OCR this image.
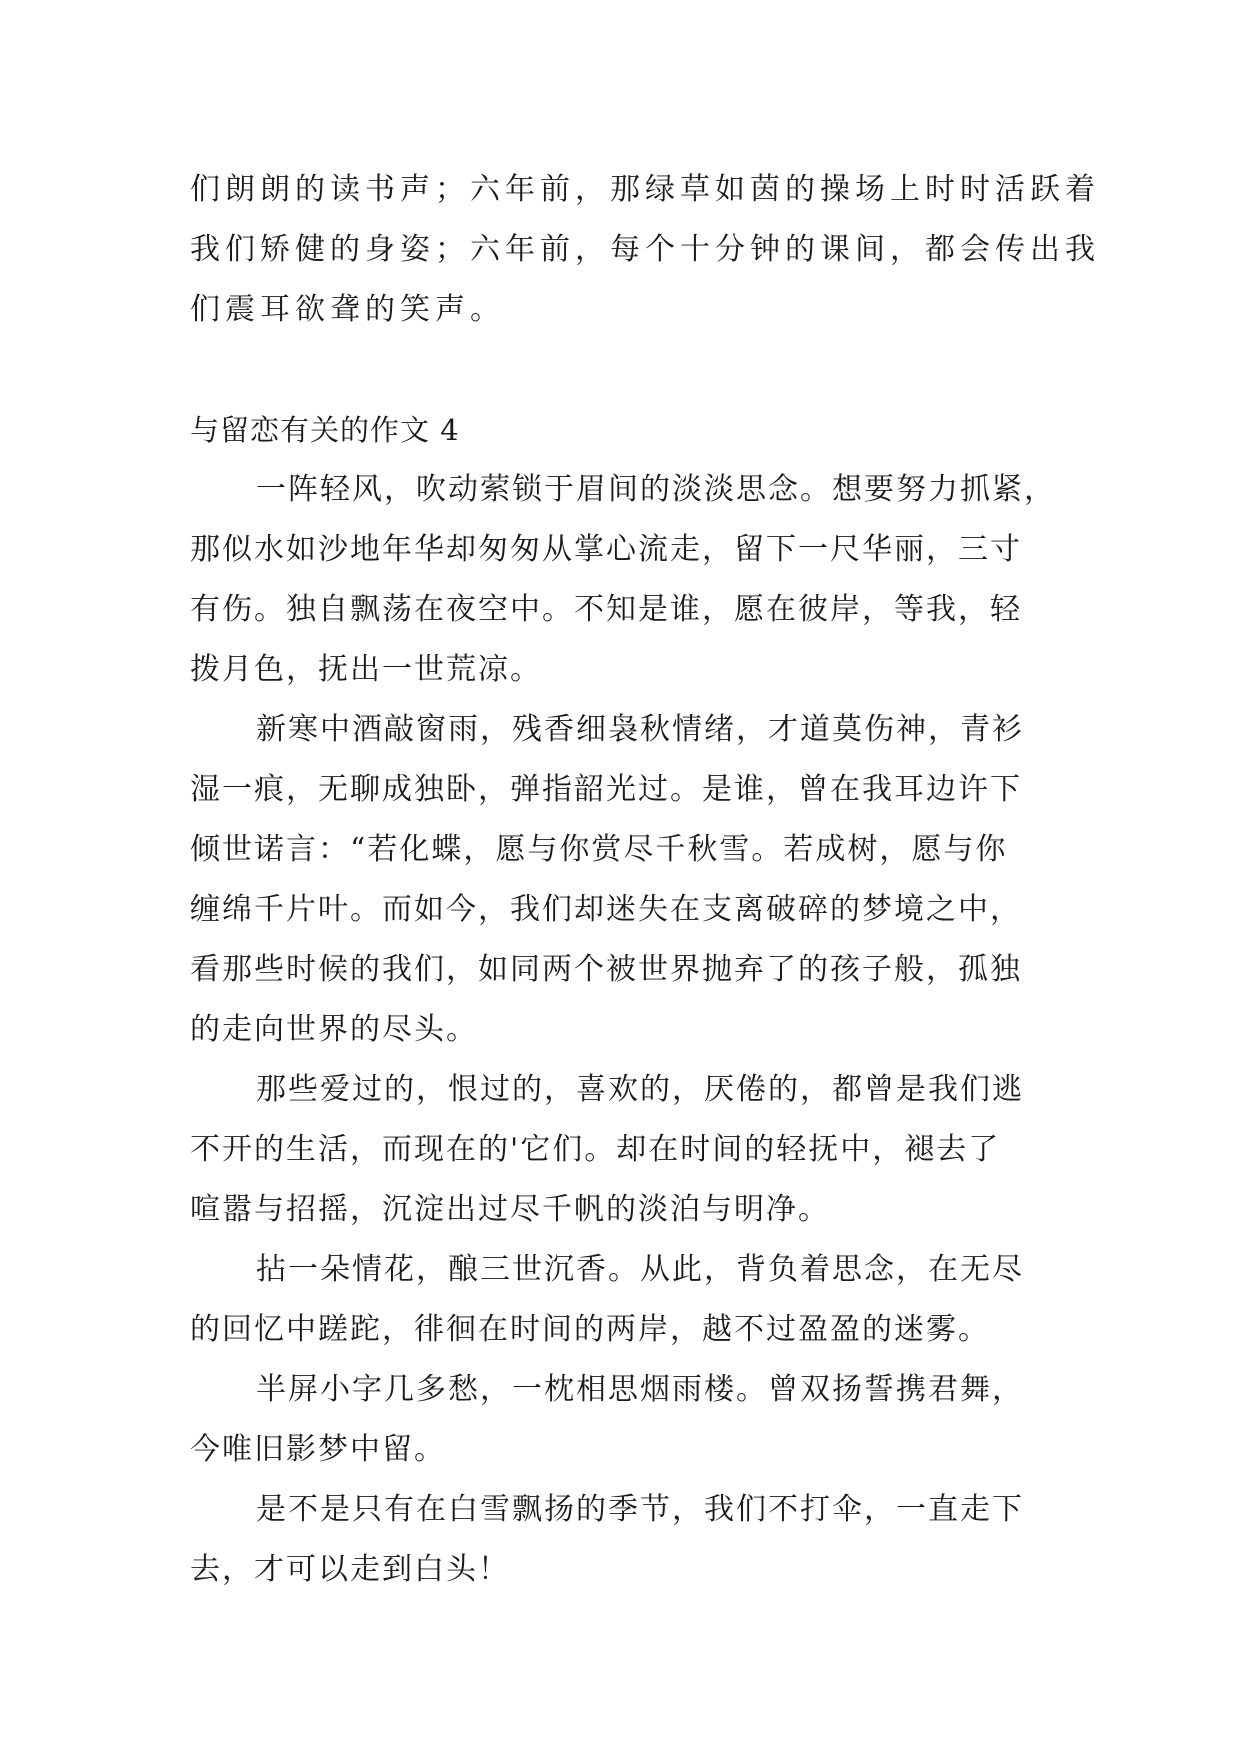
们朗朗的读书声；六年前，那绿草如茵的操场上时时活跃着
我们矫健的身姿；六年前，每个十分钟的课间，都会传出我
们震耳欲聋的笑声。
与留恋有关的作文 4
一阵轻风，吹动萦锁于眉间的淡淡思念。想要努力抓紧，
那似水如沙地年华却匆匆从掌心流走，留下一尺华丽，三寸
有伤。独自飘荡在夜空中。不知是谁，愿在彼岸，等我，轻
拨月色，抚出一世荒凉。
新寒中酒敲窗雨，残香细袅秋情绪，才道莫伤神，青衫
湿一痕，无聊成独卧，弹指韶光过。是谁，曾在我耳边许下
倾世诺言：“若化蝶，愿与你赏尽千秋雪。若成树，愿与你
缠绵千片叶。而如今，我们却迷失在支离破碎的梦境之中，
看那些时候的我们，如同两个被世界抛弃了的孩子般，孤独
的走向世界的尽头。
那些爱过的，恨过的，喜欢的，厌倦的，都曾是我们逃
不开的生活，而现在的'它们。却在时间的轻抚中，褪去了
喧嚣与招摇，沉淀出过尽千帆的淡泊与明净。
拈一朵情花，酿三世沉香。从此，背负着思念，在无尽
的回忆中蹉跎，徘徊在时间的两岸，越不过盈盈的迷雾。
半屏小字几多愁，一枕相思烟雨楼。曾双扬誓携君舞，
今唯旧影梦中留。
是不是只有在白雪飘扬的季节，我们不打伞，一直走下
去，才可以走到白头！
